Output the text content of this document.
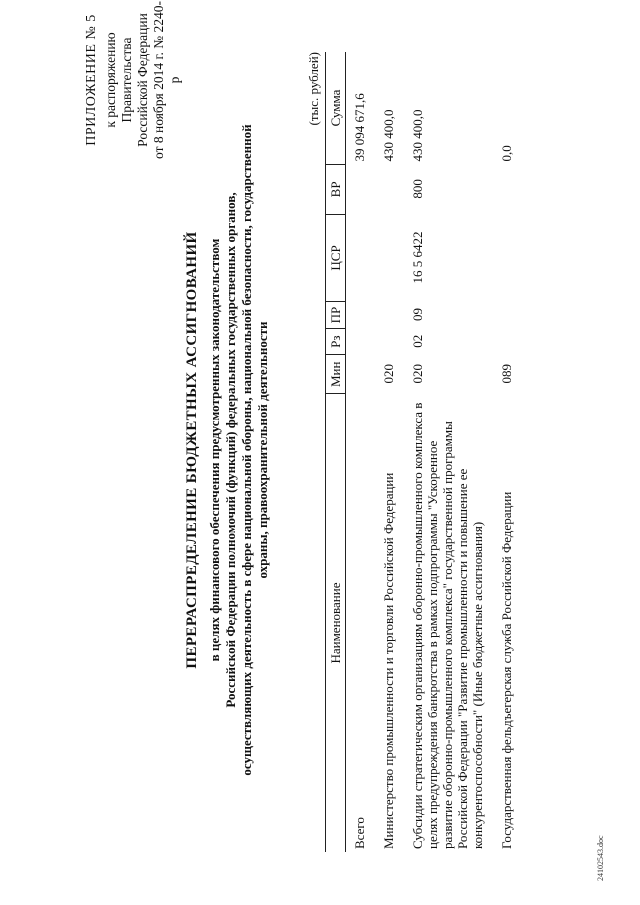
ПРИЛОЖЕНИЕ № 5 к распоряжению Правительства Российской Федерации от 8 ноября 2014 г. № 2240-р
ПЕРЕРАСПРЕДЕЛЕНИЕ БЮДЖЕТНЫХ АССИГНОВАНИЙ в целях финансового обеспечения предусмотренных законодательством Российской Федерации полномочий (функций) федеральных государственных органов, осуществляющих деятельность в сфере национальной обороны, национальной безопасности, государственной охраны, правоохранительной деятельности
(тыс. рублей)
Наименование	Мин	Рз	ПР	ЦСР	ВР	Сумма
Всего						39 094 671,6
Министерство промышленности и торговли Российской Федерации	020					430 400,0
Субсидии стратегическим организациям оборонно-промышленного комплекса в целях предупреждения банкротства в рамках подпрограммы "Ускоренное развитие оборонно-промышленного комплекса" государственной программы Российской Федерации "Развитие промышленности и повышение ее конкурентоспособности" (Иные бюджетные ассигнования)	020	02	09	16 5 6422	800	430 400,0
Государственная фельдъегерская служба Российской Федерации	089					0,0
24102543.doc
